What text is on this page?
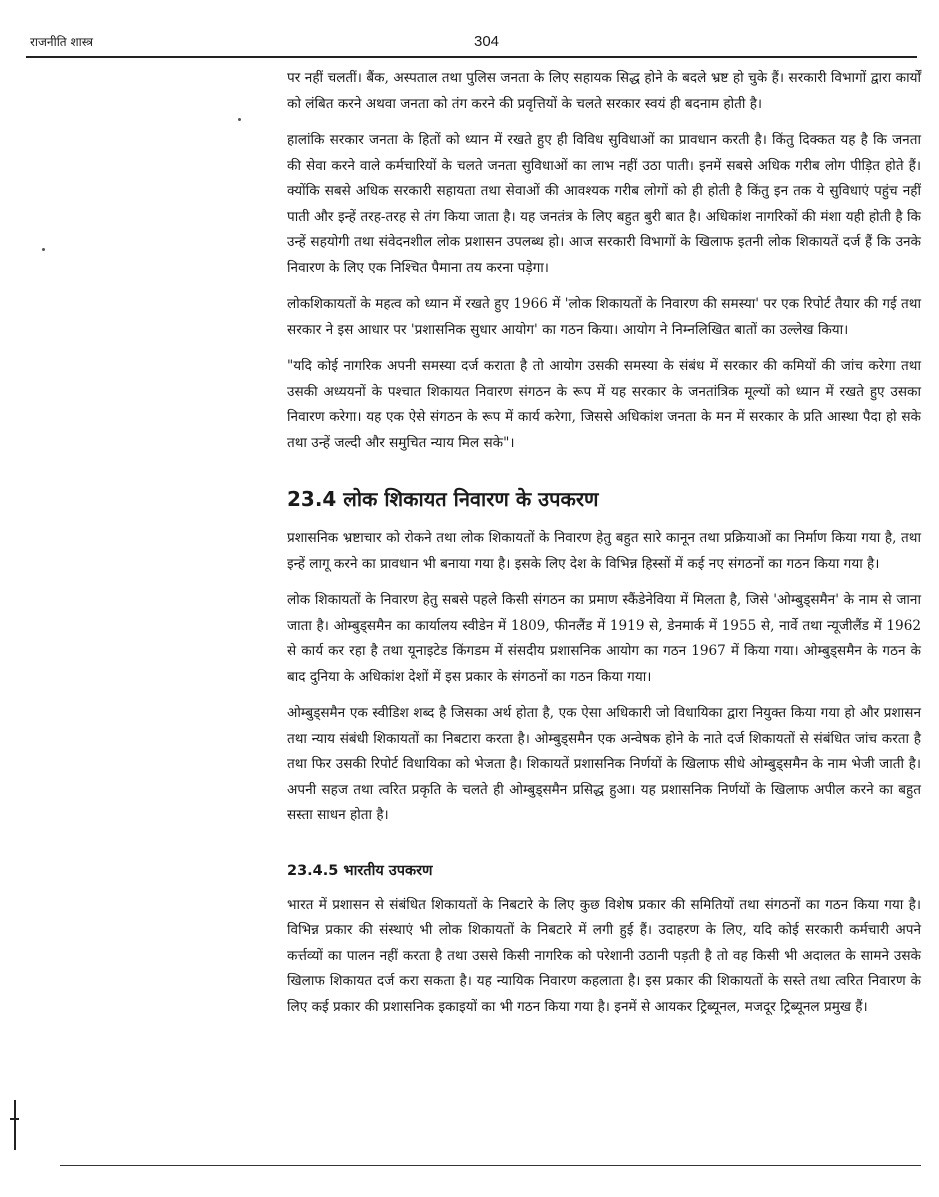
राजनीति शास्त्र	304

पर नहीं चलतीं। बैंक, अस्पताल तथा पुलिस जनता के लिए सहायक सिद्ध होने के बदले भ्रष्ट हो चुके हैं। सरकारी विभागों द्वारा कार्यों को लंबित करने अथवा जनता को तंग करने की प्रवृत्तियों के चलते सरकार स्वयं ही बदनाम होती है।

हालांकि सरकार जनता के हितों को ध्यान में रखते हुए ही विविध सुविधाओं का प्रावधान करती है। किंतु दिक्कत यह है कि जनता की सेवा करने वाले कर्मचारियों के चलते जनता सुविधाओं का लाभ नहीं उठा पाती। इनमें सबसे अधिक गरीब लोग पीड़ित होते हैं। क्योंकि सबसे अधिक सरकारी सहायता तथा सेवाओं की आवश्यक गरीब लोगों को ही होती है किंतु इन तक ये सुविधाएं पहुंच नहीं पाती और इन्हें तरह-तरह से तंग किया जाता है। यह जनतंत्र के लिए बहुत बुरी बात है। अधिकांश नागरिकों की मंशा यही होती है कि उन्हें सहयोगी तथा संवेदनशील लोक प्रशासन उपलब्ध हो। आज सरकारी विभागों के खिलाफ इतनी लोक शिकायतें दर्ज हैं कि उनके निवारण के लिए एक निश्चित पैमाना तय करना पड़ेगा।

लोकशिकायतों के महत्व को ध्यान में रखते हुए 1966 में 'लोक शिकायतों के निवारण की समस्या' पर एक रिपोर्ट तैयार की गई तथा सरकार ने इस आधार पर 'प्रशासनिक सुधार आयोग' का गठन किया। आयोग ने निम्नलिखित बातों का उल्लेख किया।

"यदि कोई नागरिक अपनी समस्या दर्ज कराता है तो आयोग उसकी समस्या के संबंध में सरकार की कमियों की जांच करेगा तथा उसकी अध्ययनों के पश्चात शिकायत निवारण संगठन के रूप में यह सरकार के जनतांत्रिक मूल्यों को ध्यान में रखते हुए उसका निवारण करेगा। यह एक ऐसे संगठन के रूप में कार्य करेगा, जिससे अधिकांश जनता के मन में सरकार के प्रति आस्था पैदा हो सके तथा उन्हें जल्दी और समुचित न्याय मिल सके"।

23.4 लोक शिकायत निवारण के उपकरण

प्रशासनिक भ्रष्टाचार को रोकने तथा लोक शिकायतों के निवारण हेतु बहुत सारे कानून तथा प्रक्रियाओं का निर्माण किया गया है, तथा इन्हें लागू करने का प्रावधान भी बनाया गया है। इसके लिए देश के विभिन्न हिस्सों में कई नए संगठनों का गठन किया गया है।

लोक शिकायतों के निवारण हेतु सबसे पहले किसी संगठन का प्रमाण स्कैंडेनेविया में मिलता है, जिसे 'ओम्बुड्समैन' के नाम से जाना जाता है। ओम्बुड्समैन का कार्यालय स्वीडेन में 1809, फीनलैंड में 1919 से, डेनमार्क में 1955 से, नार्वे तथा न्यूजीलैंड में 1962 से कार्य कर रहा है तथा यूनाइटेड किंगडम में संसदीय प्रशासनिक आयोग का गठन 1967 में किया गया। ओम्बुड्समैन के गठन के बाद दुनिया के अधिकांश देशों में इस प्रकार के संगठनों का गठन किया गया।

ओम्बुड्समैन एक स्वीडिश शब्द है जिसका अर्थ होता है, एक ऐसा अधिकारी जो विधायिका द्वारा नियुक्त किया गया हो और प्रशासन तथा न्याय संबंधी शिकायतों का निबटारा करता है। ओम्बुड्समैन एक अन्वेषक होने के नाते दर्ज शिकायतों से संबंधित जांच करता है तथा फिर उसकी रिपोर्ट विधायिका को भेजता है। शिकायतें प्रशासनिक निर्णयों के खिलाफ सीधे ओम्बुड्समैन के नाम भेजी जाती है। अपनी सहज तथा त्वरित प्रकृति के चलते ही ओम्बुड्समैन प्रसिद्ध हुआ। यह प्रशासनिक निर्णयों के खिलाफ अपील करने का बहुत सस्ता साधन होता है।

23.4.5 भारतीय उपकरण

भारत में प्रशासन से संबंधित शिकायतों के निबटारे के लिए कुछ विशेष प्रकार की समितियों तथा संगठनों का गठन किया गया है। विभिन्न प्रकार की संस्थाएं भी लोक शिकायतों के निबटारे में लगी हुई हैं। उदाहरण के लिए, यदि कोई सरकारी कर्मचारी अपने कर्त्तव्यों का पालन नहीं करता है तथा उससे किसी नागरिक को परेशानी उठानी पड़ती है तो वह किसी भी अदालत के सामने उसके खिलाफ शिकायत दर्ज करा सकता है। यह न्यायिक निवारण कहलाता है। इस प्रकार की शिकायतों के सस्ते तथा त्वरित निवारण के लिए कई प्रकार की प्रशासनिक इकाइयों का भी गठन किया गया है। इनमें से आयकर ट्रिब्यूनल, मजदूर ट्रिब्यूनल प्रमुख हैं।
